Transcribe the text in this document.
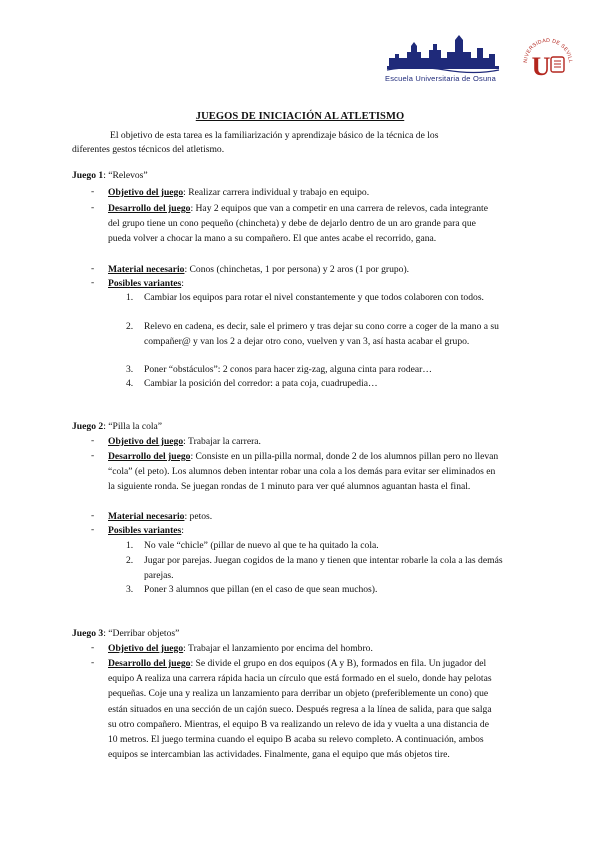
Escuela Universitaria de Osuna
NIVERSIDAD DE SEVILL
U
JUEGOS DE INICIACIÓN AL ATLETISMO
El objetivo de esta tarea es la familiarización y aprendizaje básico de la técnica de los
diferentes gestos técnicos del atletismo.
Juego 1: “Relevos”
- Objetivo del juego: Realizar carrera individual y trabajo en equipo.
- Desarrollo del juego: Hay 2 equipos que van a competir en una carrera de relevos, cada integrante del grupo tiene un cono pequeño (chincheta) y debe de dejarlo dentro de un aro grande para que pueda volver a chocar la mano a su compañero. El que antes acabe el recorrido, gana.
- Material necesario: Conos (chinchetas, 1 por persona) y 2 aros (1 por grupo).
- Posibles variantes:
1. Cambiar los equipos para rotar el nivel constantemente y que todos colaboren con todos.
2. Relevo en cadena, es decir, sale el primero y tras dejar su cono corre a coger de la mano a su compañer@ y van los 2 a dejar otro cono, vuelven y van 3, así hasta acabar el grupo.
3. Poner “obstáculos”: 2 conos para hacer zig-zag, alguna cinta para rodear…
4. Cambiar la posición del corredor: a pata coja, cuadrupedia…
Juego 2: “Pilla la cola”
- Objetivo del juego: Trabajar la carrera.
- Desarrollo del juego: Consiste en un pilla-pilla normal, donde 2 de los alumnos pillan pero no llevan “cola” (el peto). Los alumnos deben intentar robar una cola a los demás para evitar ser eliminados en la siguiente ronda. Se juegan rondas de 1 minuto para ver qué alumnos aguantan hasta el final.
- Material necesario: petos.
- Posibles variantes:
1. No vale “chicle” (pillar de nuevo al que te ha quitado la cola.
2. Jugar por parejas. Juegan cogidos de la mano y tienen que intentar robarle la cola a las demás parejas.
3. Poner 3 alumnos que pillan (en el caso de que sean muchos).
Juego 3: “Derribar objetos”
- Objetivo del juego: Trabajar el lanzamiento por encima del hombro.
- Desarrollo del juego: Se divide el grupo en dos equipos (A y B), formados en fila. Un jugador del equipo A realiza una carrera rápida hacia un círculo que está formado en el suelo, donde hay pelotas pequeñas. Coje una y realiza un lanzamiento para derribar un objeto (preferiblemente un cono) que están situados en una sección de un cajón sueco. Después regresa a la línea de salida, para que salga su otro compañero. Mientras, el equipo B va realizando un relevo de ida y vuelta a una distancia de 10 metros. El juego termina cuando el equipo B acaba su relevo completo. A continuación, ambos equipos se intercambian las actividades. Finalmente, gana el equipo que más objetos tire.
